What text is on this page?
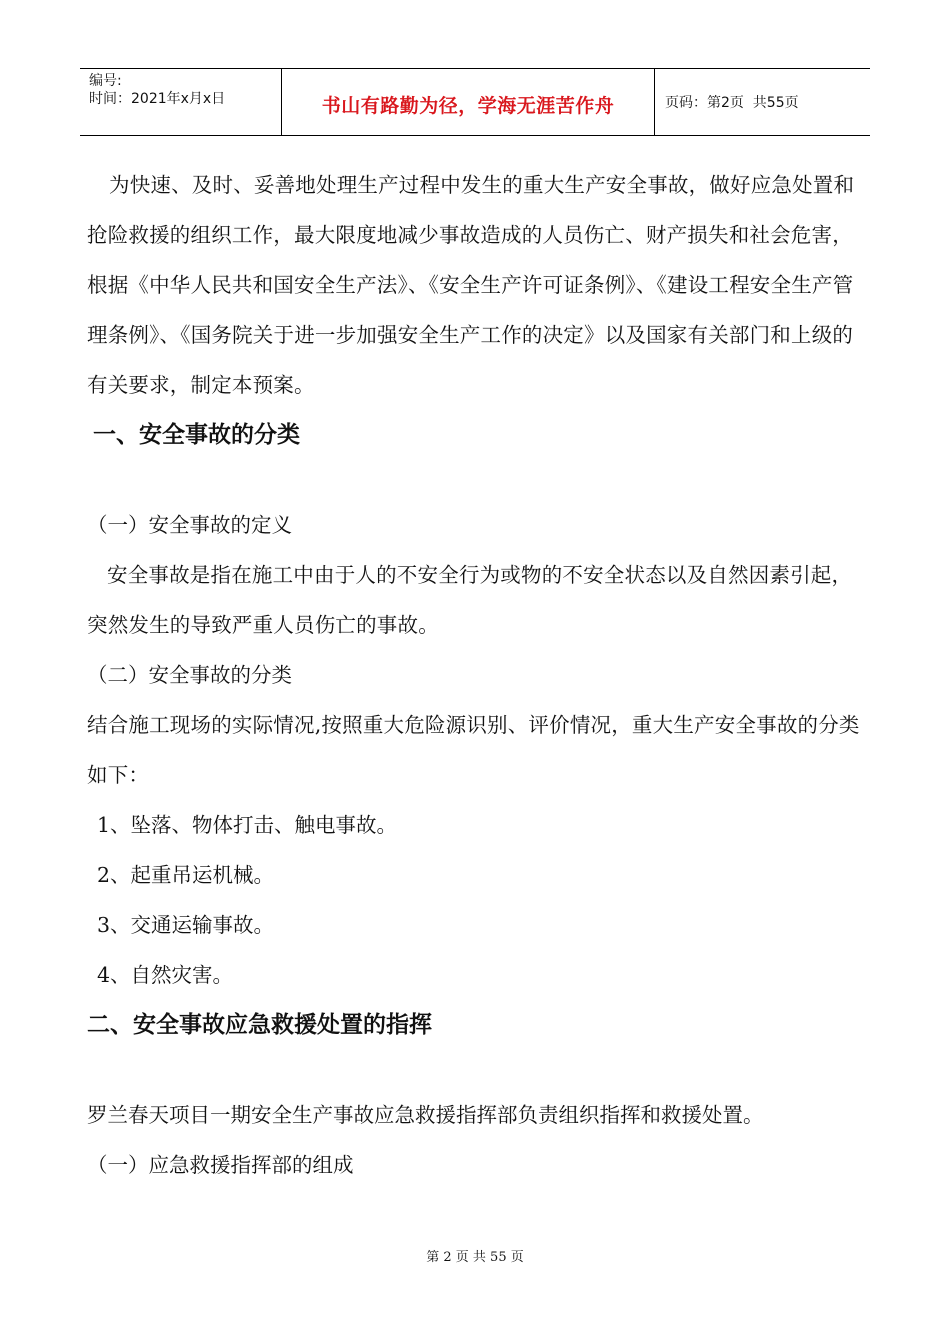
编号:
时间：2021年x月x日	书山有路勤为径，学海无涯苦作舟	页码：第2页  共55页

为快速、及时、妥善地处理生产过程中发生的重大生产安全事故，做好应急处置和抢险救援的组织工作，最大限度地减少事故造成的人员伤亡、财产损失和社会危害，根据《中华人民共和国安全生产法》、《安全生产许可证条例》、《建设工程安全生产管理条例》、《国务院关于进一步加强安全生产工作的决定》以及国家有关部门和上级的有关要求，制定本预案。

一、安全事故的分类

（一）安全事故的定义

安全事故是指在施工中由于人的不安全行为或物的不安全状态以及自然因素引起，突然发生的导致严重人员伤亡的事故。

（二）安全事故的分类

结合施工现场的实际情况,按照重大危险源识别、评价情况，重大生产安全事故的分类如下：

1、坠落、物体打击、触电事故。

2、起重吊运机械。

3、交通运输事故。

4、自然灾害。

二、安全事故应急救援处置的指挥

罗兰春天项目一期安全生产事故应急救援指挥部负责组织指挥和救援处置。

（一）应急救援指挥部的组成

第 2 页 共 55 页
